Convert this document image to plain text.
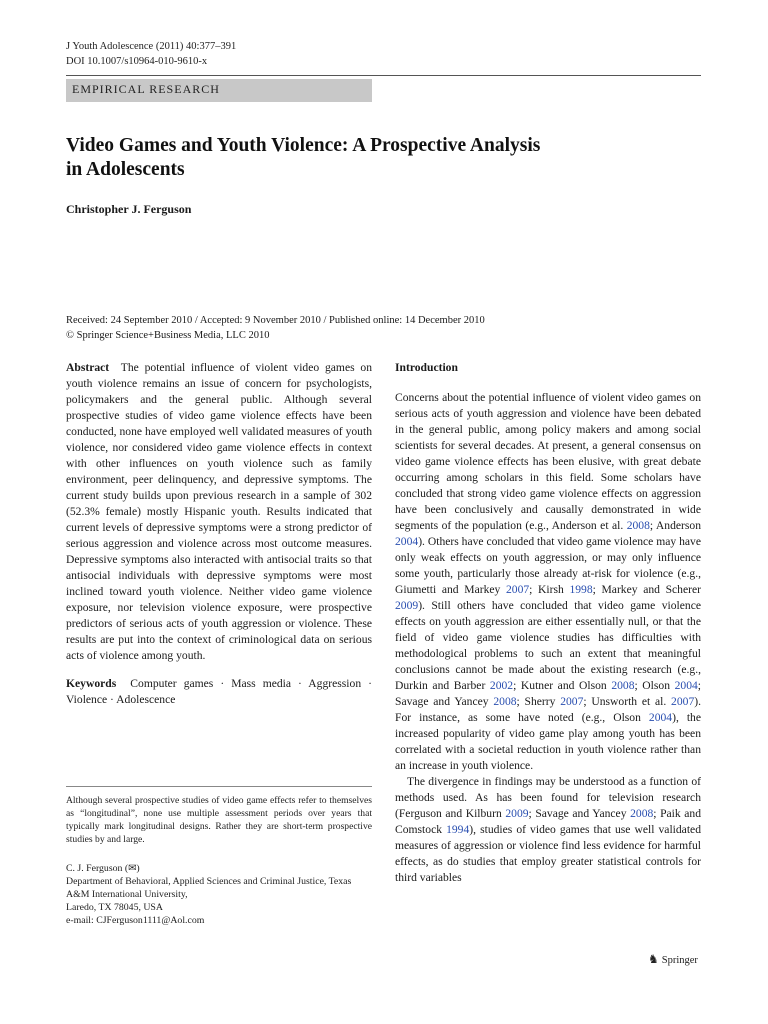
J Youth Adolescence (2011) 40:377–391
DOI 10.1007/s10964-010-9610-x
EMPIRICAL RESEARCH
Video Games and Youth Violence: A Prospective Analysis
in Adolescents
Christopher J. Ferguson
Received: 24 September 2010 / Accepted: 9 November 2010 / Published online: 14 December 2010
© Springer Science+Business Media, LLC 2010

Abstract The potential influence of violent video games on youth violence remains an issue of concern for psychologists, policymakers and the general public. Although several prospective studies of video game violence effects have been conducted, none have employed well validated measures of youth violence, nor considered video game violence effects in context with other influences on youth violence such as family environment, peer delinquency, and depressive symptoms. The current study builds upon previous research in a sample of 302 (52.3% female) mostly Hispanic youth. Results indicated that current levels of depressive symptoms were a strong predictor of serious aggression and violence across most outcome measures. Depressive symptoms also interacted with antisocial traits so that antisocial individuals with depressive symptoms were most inclined toward youth violence. Neither video game violence exposure, nor television violence exposure, were prospective predictors of serious acts of youth aggression or violence. These results are put into the context of criminological data on serious acts of violence among youth.

Keywords Computer games · Mass media · Aggression · Violence · Adolescence

Although several prospective studies of video game effects refer to themselves as “longitudinal”, none use multiple assessment periods over years that typically mark longitudinal designs. Rather they are short-term prospective studies by and large.
C. J. Ferguson (✉)
Department of Behavioral, Applied Sciences and Criminal Justice, Texas A&M International University,
Laredo, TX 78045, USA
e-mail: CJFerguson1111@Aol.com

Introduction

Concerns about the potential influence of violent video games on serious acts of youth aggression and violence have been debated in the general public, among policy makers and among social scientists for several decades. At present, a general consensus on video game violence effects has been elusive, with great debate occurring among scholars in this field. Some scholars have concluded that strong video game violence effects on aggression have been conclusively and causally demonstrated in wide segments of the population (e.g., Anderson et al. 2008; Anderson 2004). Others have concluded that video game violence may have only weak effects on youth aggression, or may only influence some youth, particularly those already at-risk for violence (e.g., Giumetti and Markey 2007; Kirsh 1998; Markey and Scherer 2009). Still others have concluded that video game violence effects on youth aggression are either essentially null, or that the field of video game violence studies has difficulties with methodological problems to such an extent that meaningful conclusions cannot be made about the existing research (e.g., Durkin and Barber 2002; Kutner and Olson 2008; Olson 2004; Savage and Yancey 2008; Sherry 2007; Unsworth et al. 2007). For instance, as some have noted (e.g., Olson 2004), the increased popularity of video game play among youth has been correlated with a societal reduction in youth violence rather than an increase in youth violence.

The divergence in findings may be understood as a function of methods used. As has been found for television research (Ferguson and Kilburn 2009; Savage and Yancey 2008; Paik and Comstock 1994), studies of video games that use well validated measures of aggression or violence find less evidence for harmful effects, as do studies that employ greater statistical controls for third variables

♞ Springer
